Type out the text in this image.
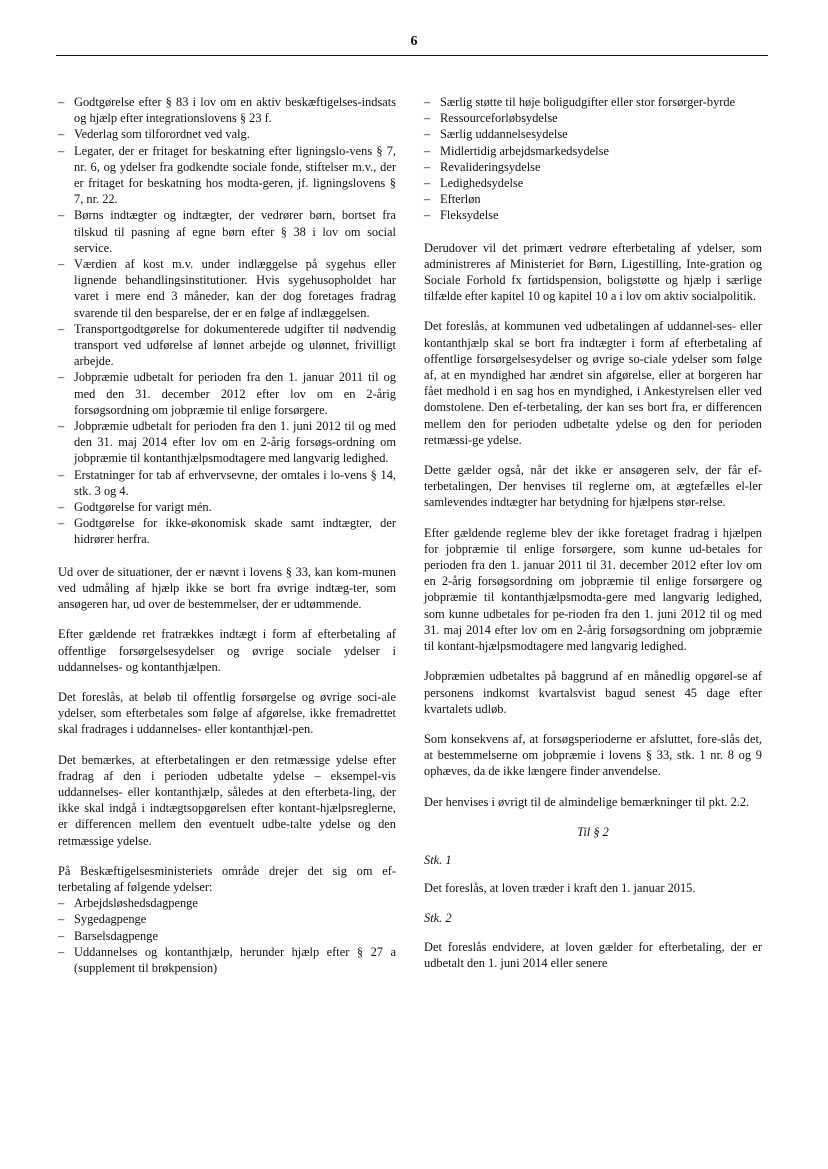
6
– Godtgørelse efter § 83 i lov om en aktiv beskæftigelses-indsats og hjælp efter integrationslovens § 23 f.
– Vederlag som tilforordnet ved valg.
– Legater, der er fritaget for beskatning efter ligningslo-vens § 7, nr. 6, og ydelser fra godkendte sociale fonde, stiftelser m.v., der er fritaget for beskatning hos modta-geren, jf. ligningslovens § 7, nr. 22.
– Børns indtægter og indtægter, der vedrører børn, bortset fra tilskud til pasning af egne børn efter § 38 i lov om social service.
– Værdien af kost m.v. under indlæggelse på sygehus eller lignende behandlingsinstitutioner. Hvis sygehusopholdet har varet i mere end 3 måneder, kan der dog foretages fradrag svarende til den besparelse, der er en følge af indlæggelsen.
– Transportgodtgørelse for dokumenterede udgifter til nødvendig transport ved udførelse af lønnet arbejde og ulønnet, frivilligt arbejde.
– Jobpræmie udbetalt for perioden fra den 1. januar 2011 til og med den 31. december 2012 efter lov om en 2-årig forsøgsordning om jobpræmie til enlige forsørgere.
– Jobpræmie udbetalt for perioden fra den 1. juni 2012 til og med den 31. maj 2014 efter lov om en 2-årig forsøgs-ordning om jobpræmie til kontanthjælpsmodtagere med langvarig ledighed.
– Erstatninger for tab af erhvervsevne, der omtales i lo-vens § 14, stk. 3 og 4.
– Godtgørelse for varigt mén.
– Godtgørelse for ikke-økonomisk skade samt indtægter, der hidrører herfra.

Ud over de situationer, der er nævnt i lovens § 33, kan kom-munen ved udmåling af hjælp ikke se bort fra øvrige indtæg-ter, som ansøgeren har, ud over de bestemmelser, der er udtømmende.

Efter gældende ret fratrækkes indtægt i form af efterbetaling af offentlige forsørgelsesydelser og øvrige sociale ydelser i uddannelses- og kontanthjælpen.

Det foreslås, at beløb til offentlig forsørgelse og øvrige soci-ale ydelser, som efterbetales som følge af afgørelse, ikke fremadrettet skal fradrages i uddannelses- eller kontanthjæl-pen.

Det bemærkes, at efterbetalingen er den retmæssige ydelse efter fradrag af den i perioden udbetalte ydelse – eksempel-vis uddannelses- eller kontanthjælp, således at den efterbeta-ling, der ikke skal indgå i indtægtsopgørelsen efter kontant-hjælpsreglerne, er differencen mellem den eventuelt udbe-talte ydelse og den retmæssige ydelse.

På Beskæftigelsesministeriets område drejer det sig om ef-terbetaling af følgende ydelser:

– Arbejdsløshedsdagpenge
– Sygedagpenge
– Barselsdagpenge
– Uddannelses og kontanthjælp, herunder hjælp efter § 27 a (supplement til brøkpension)
– Særlig støtte til høje boligudgifter eller stor forsørger-byrde
– Ressourceforløbsydelse
– Særlig uddannelsesydelse
– Midlertidig arbejdsmarkedsydelse
– Revalideringsydelse
– Ledighedsydelse
– Efterløn
– Fleksydelse

Derudover vil det primært vedrøre efterbetaling af ydelser, som administreres af Ministeriet for Børn, Ligestilling, Inte-gration og Sociale Forhold fx førtidspension, boligstøtte og hjælp i særlige tilfælde efter kapitel 10 og kapitel 10 a i lov om aktiv socialpolitik.

Det foreslås, at kommunen ved udbetalingen af uddannel-ses- eller kontanthjælp skal se bort fra indtægter i form af efterbetaling af offentlige forsørgelsesydelser og øvrige so-ciale ydelser som følge af, at en myndighed har ændret sin afgørelse, eller at borgeren har fået medhold i en sag hos en myndighed, i Ankestyrelsen eller ved domstolene. Den ef-terbetaling, der kan ses bort fra, er differencen mellem den for perioden udbetalte ydelse og den for perioden retmæssi-ge ydelse.

Dette gælder også, når det ikke er ansøgeren selv, der får ef-terbetalingen, Der henvises til reglerne om, at ægtefælles el-ler samlevendes indtægter har betydning for hjælpens stør-relse.

Efter gældende regleme blev der ikke foretaget fradrag i hjælpen for jobpræmie til enlige forsørgere, som kunne ud-betales for perioden fra den 1. januar 2011 til 31. december 2012 efter lov om en 2-årig forsøgsordning om jobpræmie til enlige forsørgere og jobpræmie til kontanthjælpsmodta-gere med langvarig ledighed, som kunne udbetales for pe-rioden fra den 1. juni 2012 til og med 31. maj 2014 efter lov om en 2-årig forsøgsordning om jobpræmie til kontant-hjælpsmodtagere med langvarig ledighed.

Jobpræmien udbetaltes på baggrund af en månedlig opgørel-se af personens indkomst kvartalsvist bagud senest 45 dage efter kvartalets udløb.

Som konsekvens af, at forsøgsperioderne er afsluttet, fore-slås det, at bestemmelserne om jobpræmie i lovens § 33, stk. 1 nr. 8 og 9 ophæves, da de ikke længere finder anvendelse.

Der henvises i øvrigt til de almindelige bemærkninger til pkt. 2.2.

Til § 2

Stk. 1

Det foreslås, at loven træder i kraft den 1. januar 2015.

Stk. 2

Det foreslås endvidere, at loven gælder for efterbetaling, der er udbetalt den 1. juni 2014 eller senere
